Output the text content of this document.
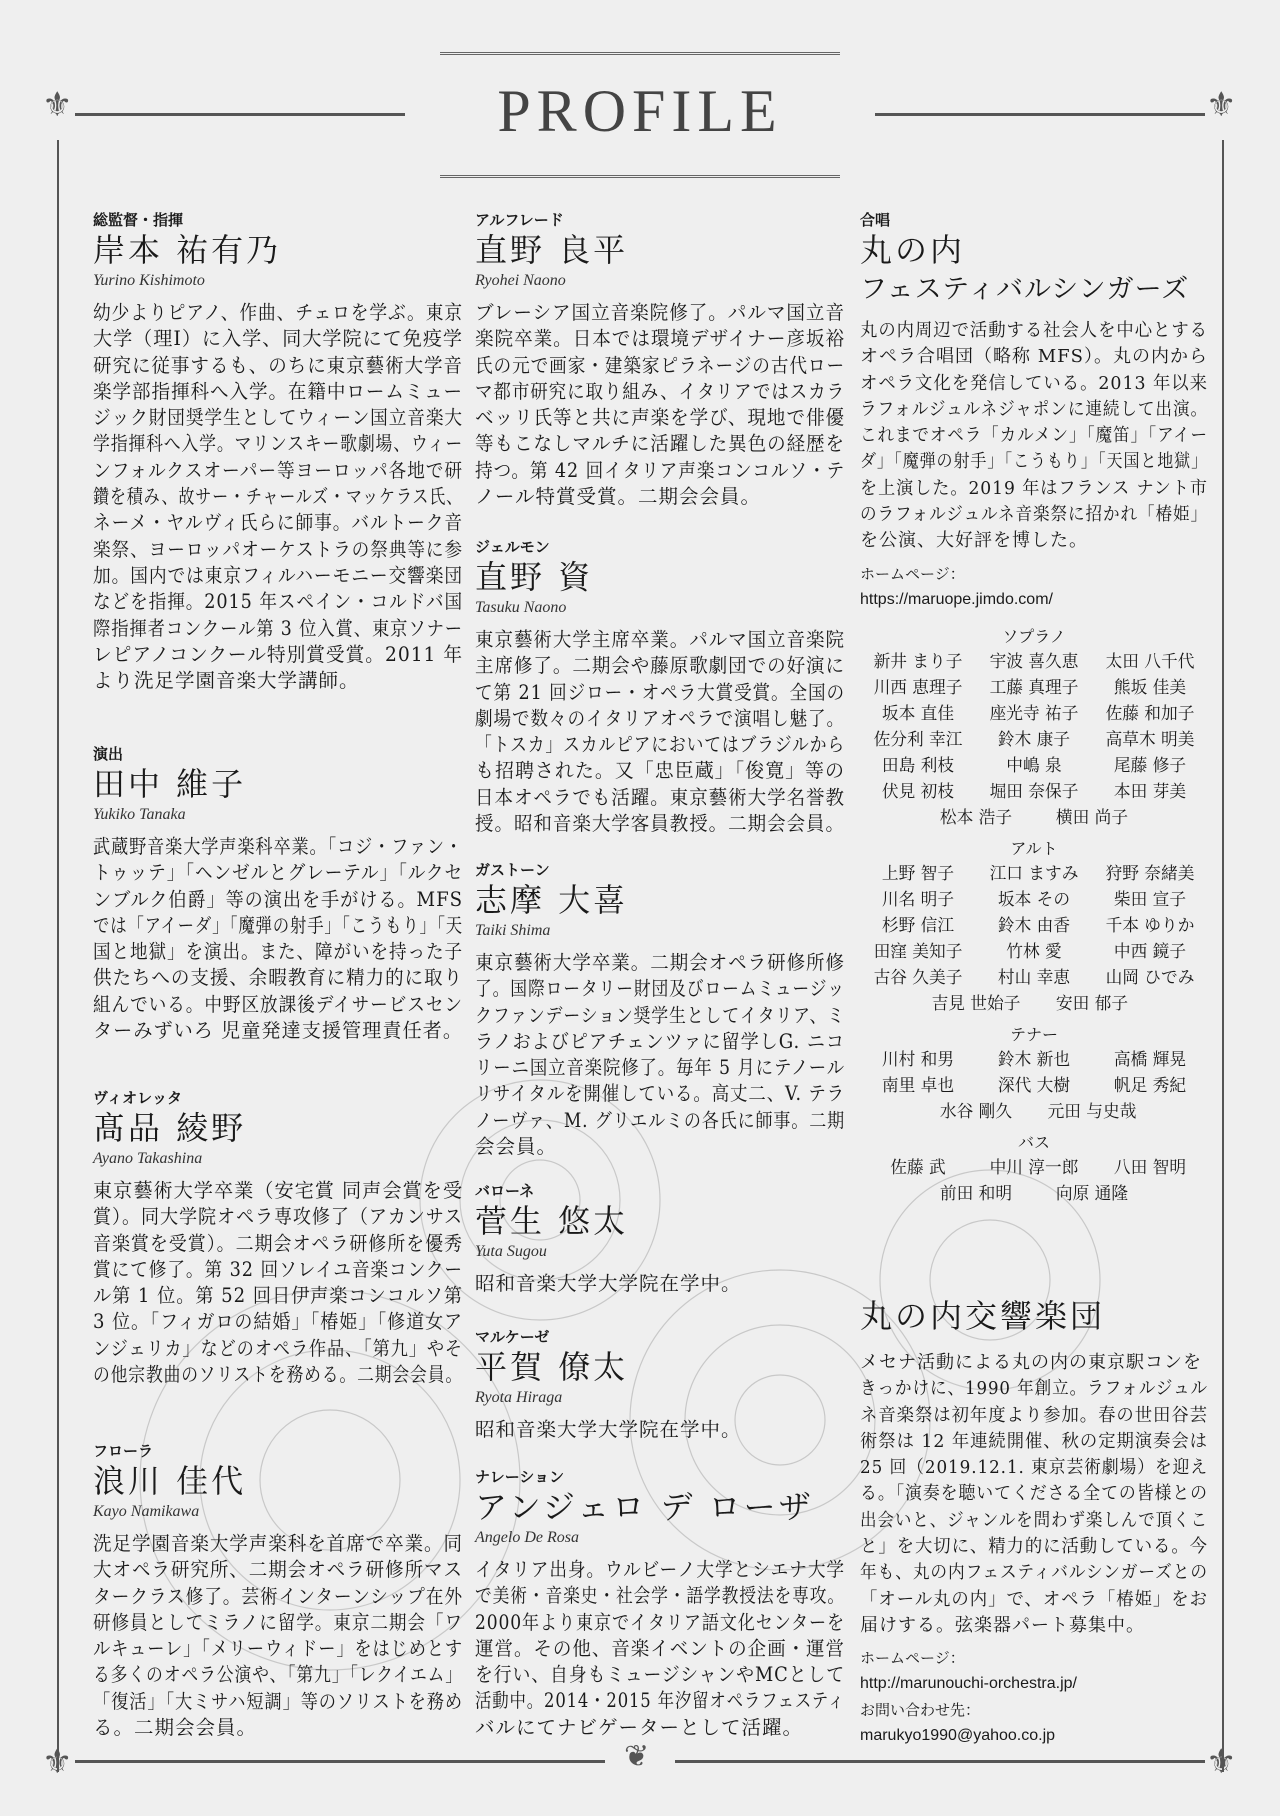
⚜	⚜
⚜	⚜
❦
PROFILE
総監督・指揮
岸本 祐有乃
Yurino Kishimoto
幼少よりピアノ、作曲、チェロを学ぶ。東京
大学（理Ⅰ）に入学、同大学院にて免疫学
研究に従事するも、のちに東京藝術大学音
楽学部指揮科へ入学。在籍中ロームミュー
ジック財団奨学生としてウィーン国立音楽大
学指揮科へ入学。マリンスキー歌劇場、ウィー
ンフォルクスオーパー等ヨーロッパ各地で研
鑽を積み、故サー・チャールズ・マッケラス氏、
ネーメ・ヤルヴィ氏らに師事。バルトーク音
楽祭、ヨーロッパオーケストラの祭典等に参
加。国内では東京フィルハーモニー交響楽団
などを指揮。2015 年スペイン・コルドバ国
際指揮者コンクール第 3 位入賞、東京ソナー
レピアノコンクール特別賞受賞。2011 年
より洗足学園音楽大学講師。
演出
田中 維子
Yukiko Tanaka
武蔵野音楽大学声楽科卒業。「コジ・ファン・
トゥッテ」「ヘンゼルとグレーテル」「ルクセ
ンブルク伯爵」等の演出を手がける。MFS
では「アイーダ」「魔弾の射手」「こうもり」「天
国と地獄」を演出。また、障がいを持った子
供たちへの支援、余暇教育に精力的に取り
組んでいる。中野区放課後デイサービスセン
ターみずいろ 児童発達支援管理責任者。
ヴィオレッタ
髙品 綾野
Ayano Takashina
東京藝術大学卒業（安宅賞 同声会賞を受
賞）。同大学院オペラ専攻修了（アカンサス
音楽賞を受賞）。二期会オペラ研修所を優秀
賞にて修了。第 32 回ソレイユ音楽コンクー
ル第 1 位。第 52 回日伊声楽コンコルソ第
3 位。「フィガロの結婚」「椿姫」「修道女ア
ンジェリカ」などのオペラ作品、「第九」やそ
の他宗教曲のソリストを務める。二期会会員。
フローラ
浪川 佳代
Kayo Namikawa
洗足学園音楽大学声楽科を首席で卒業。同
大オペラ研究所、二期会オペラ研修所マス
タークラス修了。芸術インターンシップ在外
研修員としてミラノに留学。東京二期会「ワ
ルキューレ」「メリーウィドー」をはじめとす
る多くのオペラ公演や、「第九」「レクイエム」
「復活」「大ミサハ短調」等のソリストを務め
る。二期会会員。
アルフレード
直野 良平
Ryohei Naono
ブレーシア国立音楽院修了。パルマ国立音
楽院卒業。日本では環境デザイナー彦坂裕
氏の元で画家・建築家ピラネージの古代ロー
マ都市研究に取り組み、イタリアではスカラ
ベッリ氏等と共に声楽を学び、現地で俳優
等もこなしマルチに活躍した異色の経歴を
持つ。第 42 回イタリア声楽コンコルソ・テ
ノール特賞受賞。二期会会員。
ジェルモン
直野 資
Tasuku Naono
東京藝術大学主席卒業。パルマ国立音楽院
主席修了。二期会や藤原歌劇団での好演に
て第 21 回ジロー・オペラ大賞受賞。全国の
劇場で数々のイタリアオペラで演唱し魅了。
「トスカ」スカルピアにおいてはブラジルから
も招聘された。又「忠臣蔵」「俊寛」等の
日本オペラでも活躍。東京藝術大学名誉教
授。昭和音楽大学客員教授。二期会会員。
ガストーン
志摩 大喜
Taiki Shima
東京藝術大学卒業。二期会オペラ研修所修
了。国際ロータリー財団及びロームミュージッ
クファンデーション奨学生としてイタリア、ミ
ラノおよびピアチェンツァに留学しG. ニコ
リーニ国立音楽院修了。毎年 5 月にテノール
リサイタルを開催している。高丈二、V. テラ
ノーヴァ、M. グリエルミの各氏に師事。二期
会会員。
バローネ
菅生 悠太
Yuta Sugou
昭和音楽大学大学院在学中。
マルケーゼ
平賀 僚太
Ryota Hiraga
昭和音楽大学大学院在学中。
ナレーション
アンジェロ デ ローザ
Angelo De Rosa
イタリア出身。ウルビーノ大学とシエナ大学
で美術・音楽史・社会学・語学教授法を専攻。
2000年より東京でイタリア語文化センターを
運営。その他、音楽イベントの企画・運営
を行い、自身もミュージシャンやMCとして
活動中。2014・2015 年汐留オペラフェスティ
バルにてナビゲーターとして活躍。
合唱
丸の内
フェスティバルシンガーズ
丸の内周辺で活動する社会人を中心とする
オペラ合唱団（略称 MFS）。丸の内から
オペラ文化を発信している。2013 年以来
ラフォルジュルネジャポンに連続して出演。
これまでオペラ「カルメン」「魔笛」「アイー
ダ」「魔弾の射手」「こうもり」「天国と地獄」
を上演した。2019 年はフランス ナント市
のラフォルジュルネ音楽祭に招かれ「椿姫」
を公演、大好評を博した。
ホームページ：
https://maruope.jimdo.com/
ソプラノ
新井 まり子	宇波 喜久恵	太田 八千代
川西 恵理子	工藤 真理子	熊坂 佳美
坂本 直佳	座光寺 祐子	佐藤 和加子
佐分利 幸江	鈴木 康子	高草木 明美
田島 利枝	中嶋 泉	尾藤 修子
伏見 初枝	堀田 奈保子	本田 芽美
松本 浩子	横田 尚子
アルト
上野 智子	江口 ますみ	狩野 奈緒美
川名 明子	坂本 その	柴田 宣子
杉野 信江	鈴木 由香	千本 ゆりか
田窪 美知子	竹林 愛	中西 鏡子
古谷 久美子	村山 幸恵	山岡 ひでみ
吉見 世始子	安田 郁子
テナー
川村 和男	鈴木 新也	高橋 輝晃
南里 卓也	深代 大樹	帆足 秀紀
水谷 剛久	元田 与史哉
バス
佐藤 武	中川 淳一郎	八田 智明
前田 和明	向原 通隆
丸の内交響楽団
メセナ活動による丸の内の東京駅コンを
きっかけに、1990 年創立。ラフォルジュル
ネ音楽祭は初年度より参加。春の世田谷芸
術祭は 12 年連続開催、秋の定期演奏会は
25 回（2019.12.1. 東京芸術劇場）を迎え
る。「演奏を聴いてくださる全ての皆様との
出会いと、ジャンルを問わず楽しんで頂くこ
と」を大切に、精力的に活動している。今
年も、丸の内フェスティバルシンガーズとの
「オール丸の内」で、オペラ「椿姫」をお
届けする。弦楽器パート募集中。
ホームページ：
http://marunouchi-orchestra.jp/
お問い合わせ先：
marukyo1990@yahoo.co.jp
